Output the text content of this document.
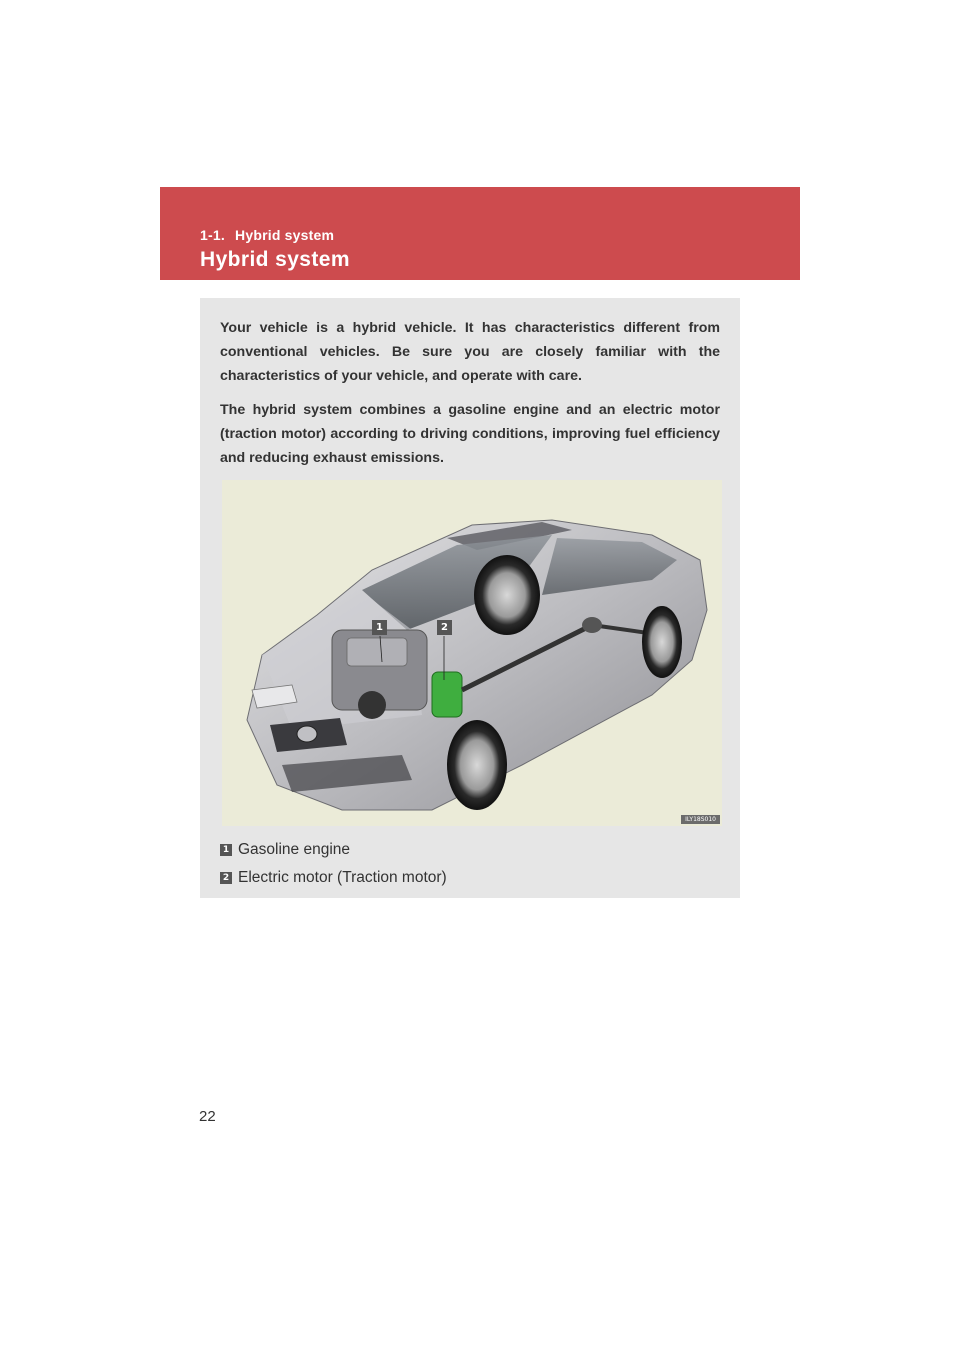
1-1. Hybrid system
Hybrid system

Your vehicle is a hybrid vehicle. It has characteristics different from conventional vehicles. Be sure you are closely familiar with the characteristics of your vehicle, and operate with care.

The hybrid system combines a gasoline engine and an electric motor (traction motor) according to driving conditions, improving fuel efficiency and reducing exhaust emissions.

1	2
ILY18S010
1 Gasoline engine
2 Electric motor (Traction motor)
22
